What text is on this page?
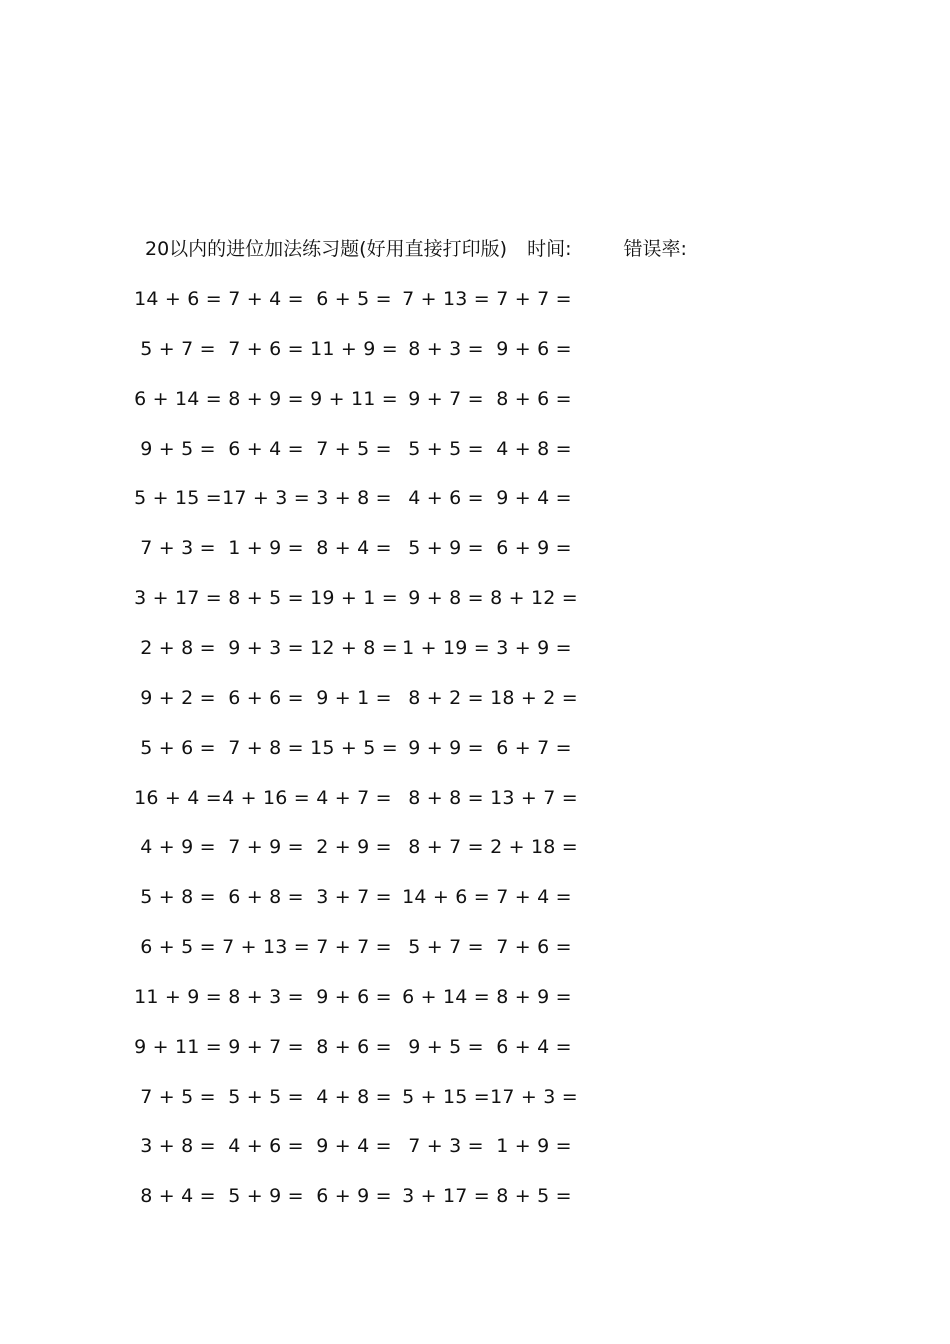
20以内的进位加法练习题(好用直接打印版) 时间:	错误率:
14 + 6 = 7 + 4 = 6 + 5 = 7 + 13 = 7 + 7 =
5 + 7 = 7 + 6 = 11 + 9 = 8 + 3 = 9 + 6 =
6 + 14 = 8 + 9 = 9 + 11 = 9 + 7 = 8 + 6 =
9 + 5 = 6 + 4 = 7 + 5 = 5 + 5 = 4 + 8 =
5 + 15 = 17 + 3 = 3 + 8 = 4 + 6 = 9 + 4 =
7 + 3 = 1 + 9 = 8 + 4 = 5 + 9 = 6 + 9 =
3 + 17 = 8 + 5 = 19 + 1 = 9 + 8 = 8 + 12 =
2 + 8 = 9 + 3 = 12 + 8 = 1 + 19 = 3 + 9 =
9 + 2 = 6 + 6 = 9 + 1 = 8 + 2 = 18 + 2 =
5 + 6 = 7 + 8 = 15 + 5 = 9 + 9 = 6 + 7 =
16 + 4 = 4 + 16 = 4 + 7 = 8 + 8 = 13 + 7 =
4 + 9 = 7 + 9 = 2 + 9 = 8 + 7 = 2 + 18 =
5 + 8 = 6 + 8 = 3 + 7 = 14 + 6 = 7 + 4 =
6 + 5 = 7 + 13 = 7 + 7 = 5 + 7 = 7 + 6 =
11 + 9 = 8 + 3 = 9 + 6 = 6 + 14 = 8 + 9 =
9 + 11 = 9 + 7 = 8 + 6 = 9 + 5 = 6 + 4 =
7 + 5 = 5 + 5 = 4 + 8 = 5 + 15 = 17 + 3 =
3 + 8 = 4 + 6 = 9 + 4 = 7 + 3 = 1 + 9 =
8 + 4 = 5 + 9 = 6 + 9 = 3 + 17 = 8 + 5 =
